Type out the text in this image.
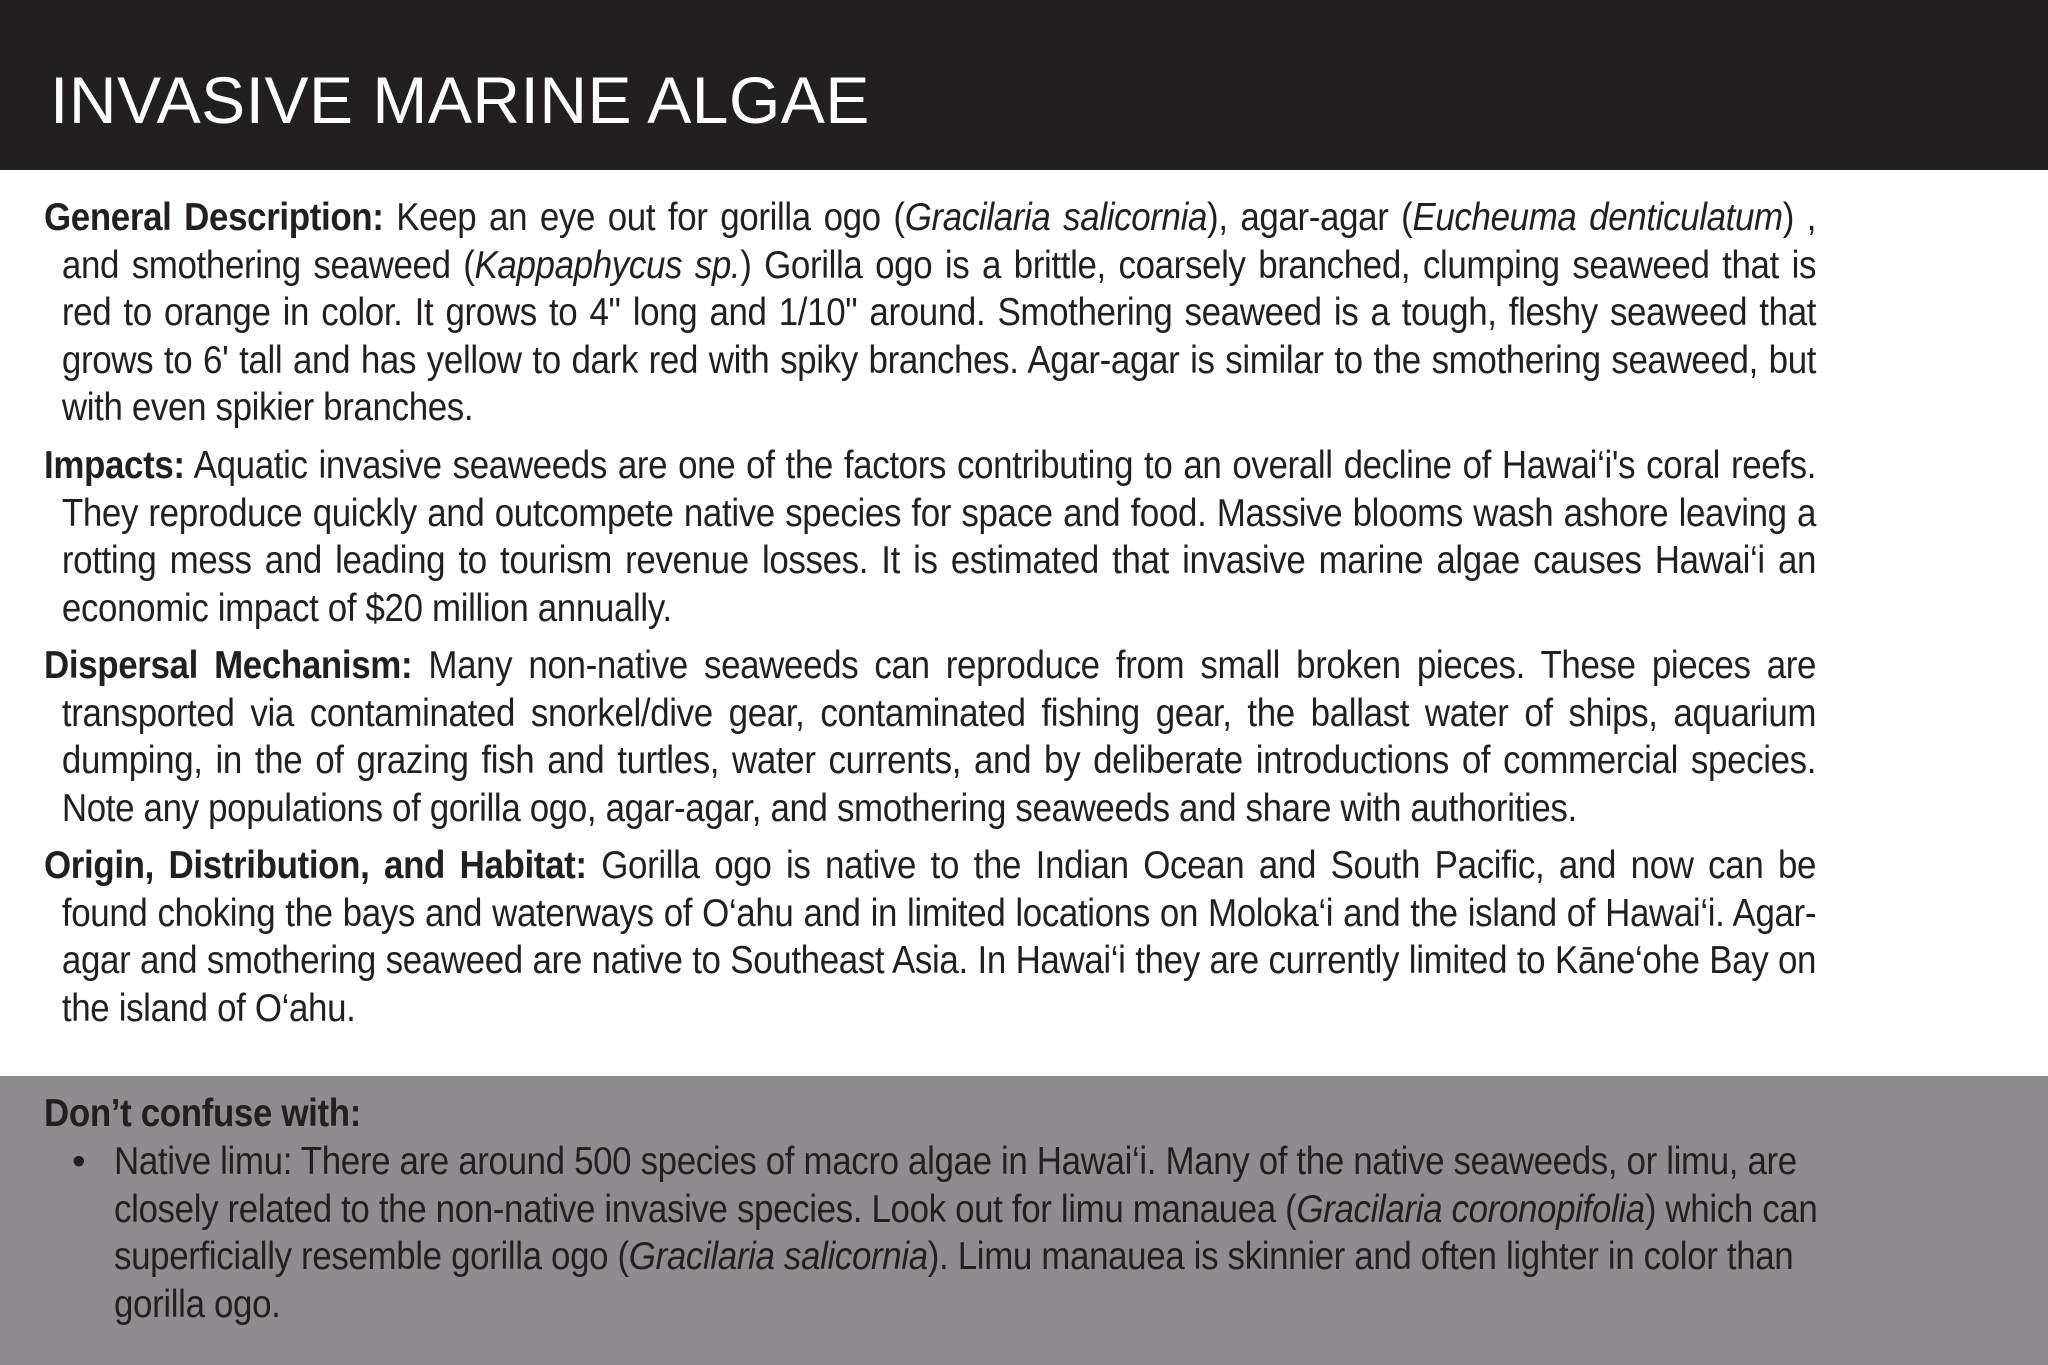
INVASIVE MARINE ALGAE

General Description: Keep an eye out for gorilla ogo (Gracilaria salicornia), agar-agar (Eucheuma denticulatum) , and smothering seaweed (Kappaphycus sp.) Gorilla ogo is a brittle, coarsely branched, clumping seaweed that is red to orange in color. It grows to 4" long and 1/10" around. Smothering seaweed is a tough, fleshy seaweed that grows to 6' tall and has yellow to dark red with spiky branches. Agar-agar is similar to the smothering seaweed, but with even spikier branches.

Impacts: Aquatic invasive seaweeds are one of the factors contributing to an overall decline of Hawai‘i's coral reefs. They reproduce quickly and outcompete native species for space and food. Massive blooms wash ashore leaving a rotting mess and leading to tourism revenue losses. It is estimated that invasive marine algae causes Hawai‘i an economic impact of $20 million annually.

Dispersal Mechanism: Many non-native seaweeds can reproduce from small broken pieces. These pieces are transported via contaminated snorkel/dive gear, contaminated fishing gear, the ballast water of ships, aquarium dumping, in the of grazing fish and turtles, water currents, and by deliberate introductions of commercial species. Note any populations of gorilla ogo, agar-agar, and smothering seaweeds and share with authorities.

Origin, Distribution, and Habitat: Gorilla ogo is native to the Indian Ocean and South Pacific, and now can be found choking the bays and waterways of O‘ahu and in limited locations on Moloka‘i and the island of Hawai‘i. Agar-agar and smothering seaweed are native to Southeast Asia. In Hawai‘i they are currently limited to Kāne‘ohe Bay on the island of O‘ahu.

Don’t confuse with:
• Native limu: There are around 500 species of macro algae in Hawai‘i. Many of the native seaweeds, or limu, are closely related to the non-native invasive species. Look out for limu manauea (Gracilaria coronopifolia) which can superficially resemble gorilla ogo (Gracilaria salicornia). Limu manauea is skinnier and often lighter in color than gorilla ogo.
